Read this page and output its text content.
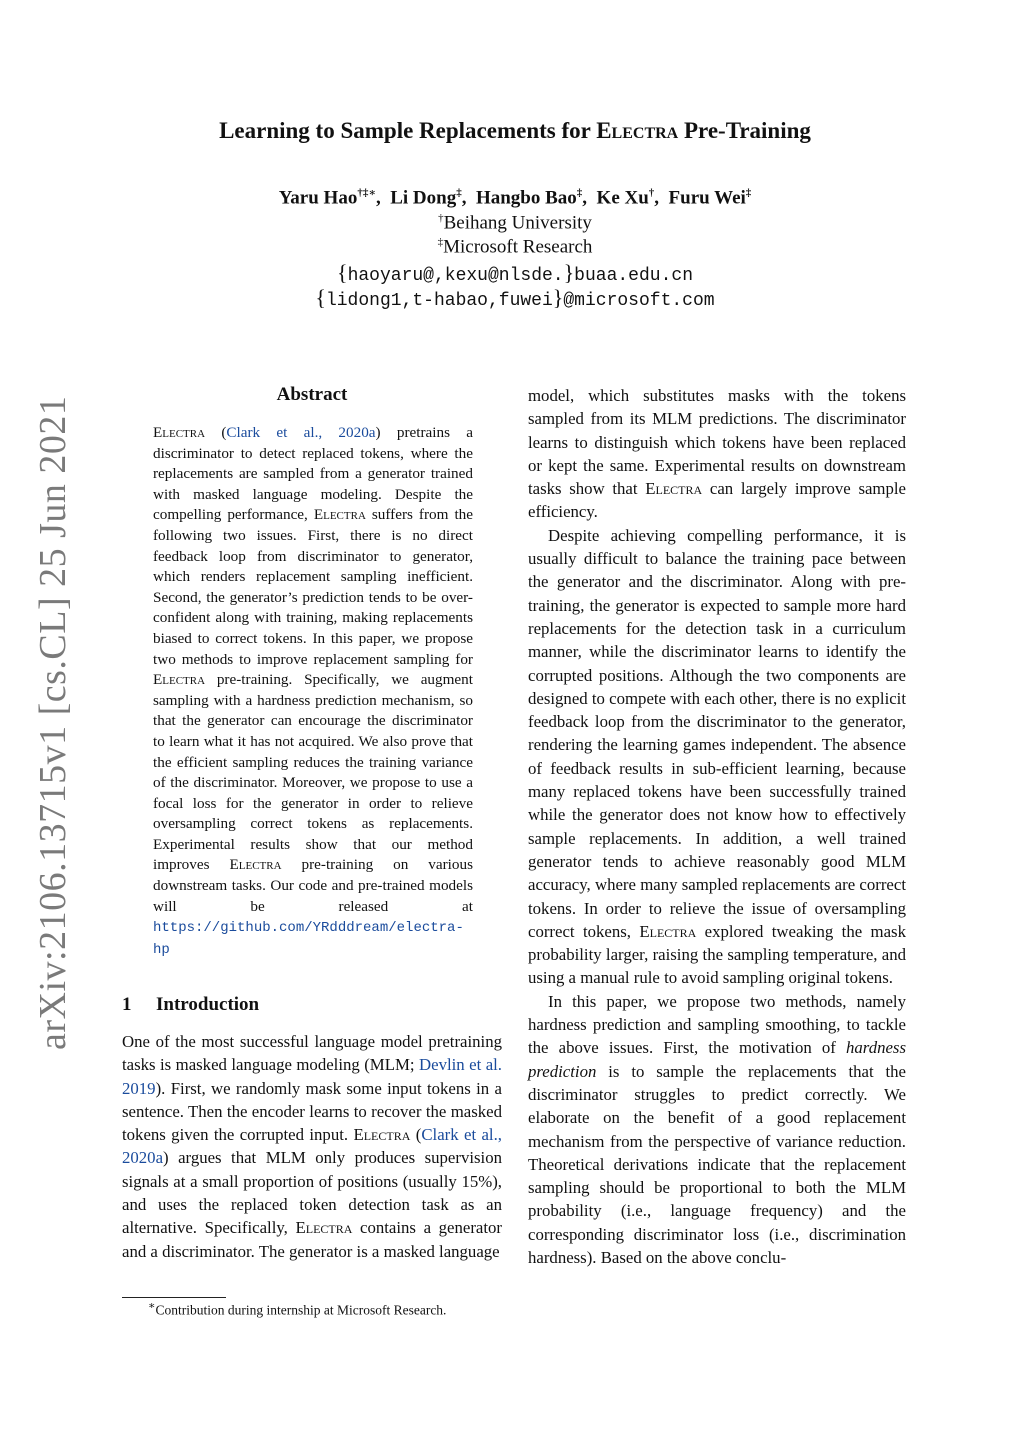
arXiv:2106.13715v1 [cs.CL] 25 Jun 2021
Learning to Sample Replacements for Electra Pre-Training
Yaru Hao†‡∗,  Li Dong‡,  Hangbo Bao‡,  Ke Xu†,  Furu Wei‡
†Beihang University
‡Microsoft Research
{haoyaru@,kexu@nlsde.}buaa.edu.cn
{lidong1,t-habao,fuwei}@microsoft.com
Abstract

Electra (Clark et al., 2020a) pretrains a discriminator to detect replaced tokens, where the replacements are sampled from a generator trained with masked language modeling. Despite the compelling performance, Electra suffers from the following two issues. First, there is no direct feedback loop from discriminator to generator, which renders replacement sampling inefficient. Second, the generator’s prediction tends to be over-confident along with training, making replacements biased to correct tokens. In this paper, we propose two methods to improve replacement sampling for Electra pre-training. Specifically, we augment sampling with a hardness prediction mechanism, so that the generator can encourage the discriminator to learn what it has not acquired. We also prove that the efficient sampling reduces the training variance of the discriminator. Moreover, we propose to use a focal loss for the generator in order to relieve oversampling correct tokens as replacements. Experimental results show that our method improves Electra pre-training on various downstream tasks. Our code and pre-trained models will be released at https://github.com/YRdddream/electra-hp

1 Introduction

One of the most successful language model pretraining tasks is masked language modeling (MLM; Devlin et al. 2019). First, we randomly mask some input tokens in a sentence. Then the encoder learns to recover the masked tokens given the corrupted input. Electra (Clark et al., 2020a) argues that MLM only produces supervision signals at a small proportion of positions (usually 15%), and uses the replaced token detection task as an alternative. Specifically, Electra contains a generator and a discriminator. The generator is a masked language

∗Contribution during internship at Microsoft Research.

model, which substitutes masks with the tokens sampled from its MLM predictions. The discriminator learns to distinguish which tokens have been replaced or kept the same. Experimental results on downstream tasks show that Electra can largely improve sample efficiency.

Despite achieving compelling performance, it is usually difficult to balance the training pace between the generator and the discriminator. Along with pre-training, the generator is expected to sample more hard replacements for the detection task in a curriculum manner, while the discriminator learns to identify the corrupted positions. Although the two components are designed to compete with each other, there is no explicit feedback loop from the discriminator to the generator, rendering the learning games independent. The absence of feedback results in sub-efficient learning, because many replaced tokens have been successfully trained while the generator does not know how to effectively sample replacements. In addition, a well trained generator tends to achieve reasonably good MLM accuracy, where many sampled replacements are correct tokens. In order to relieve the issue of oversampling correct tokens, Electra explored tweaking the mask probability larger, raising the sampling temperature, and using a manual rule to avoid sampling original tokens.

In this paper, we propose two methods, namely hardness prediction and sampling smoothing, to tackle the above issues. First, the motivation of hardness prediction is to sample the replacements that the discriminator struggles to predict correctly. We elaborate on the benefit of a good replacement mechanism from the perspective of variance reduction. Theoretical derivations indicate that the replacement sampling should be proportional to both the MLM probability (i.e., language frequency) and the corresponding discriminator loss (i.e., discrimination hardness). Based on the above conclu-
